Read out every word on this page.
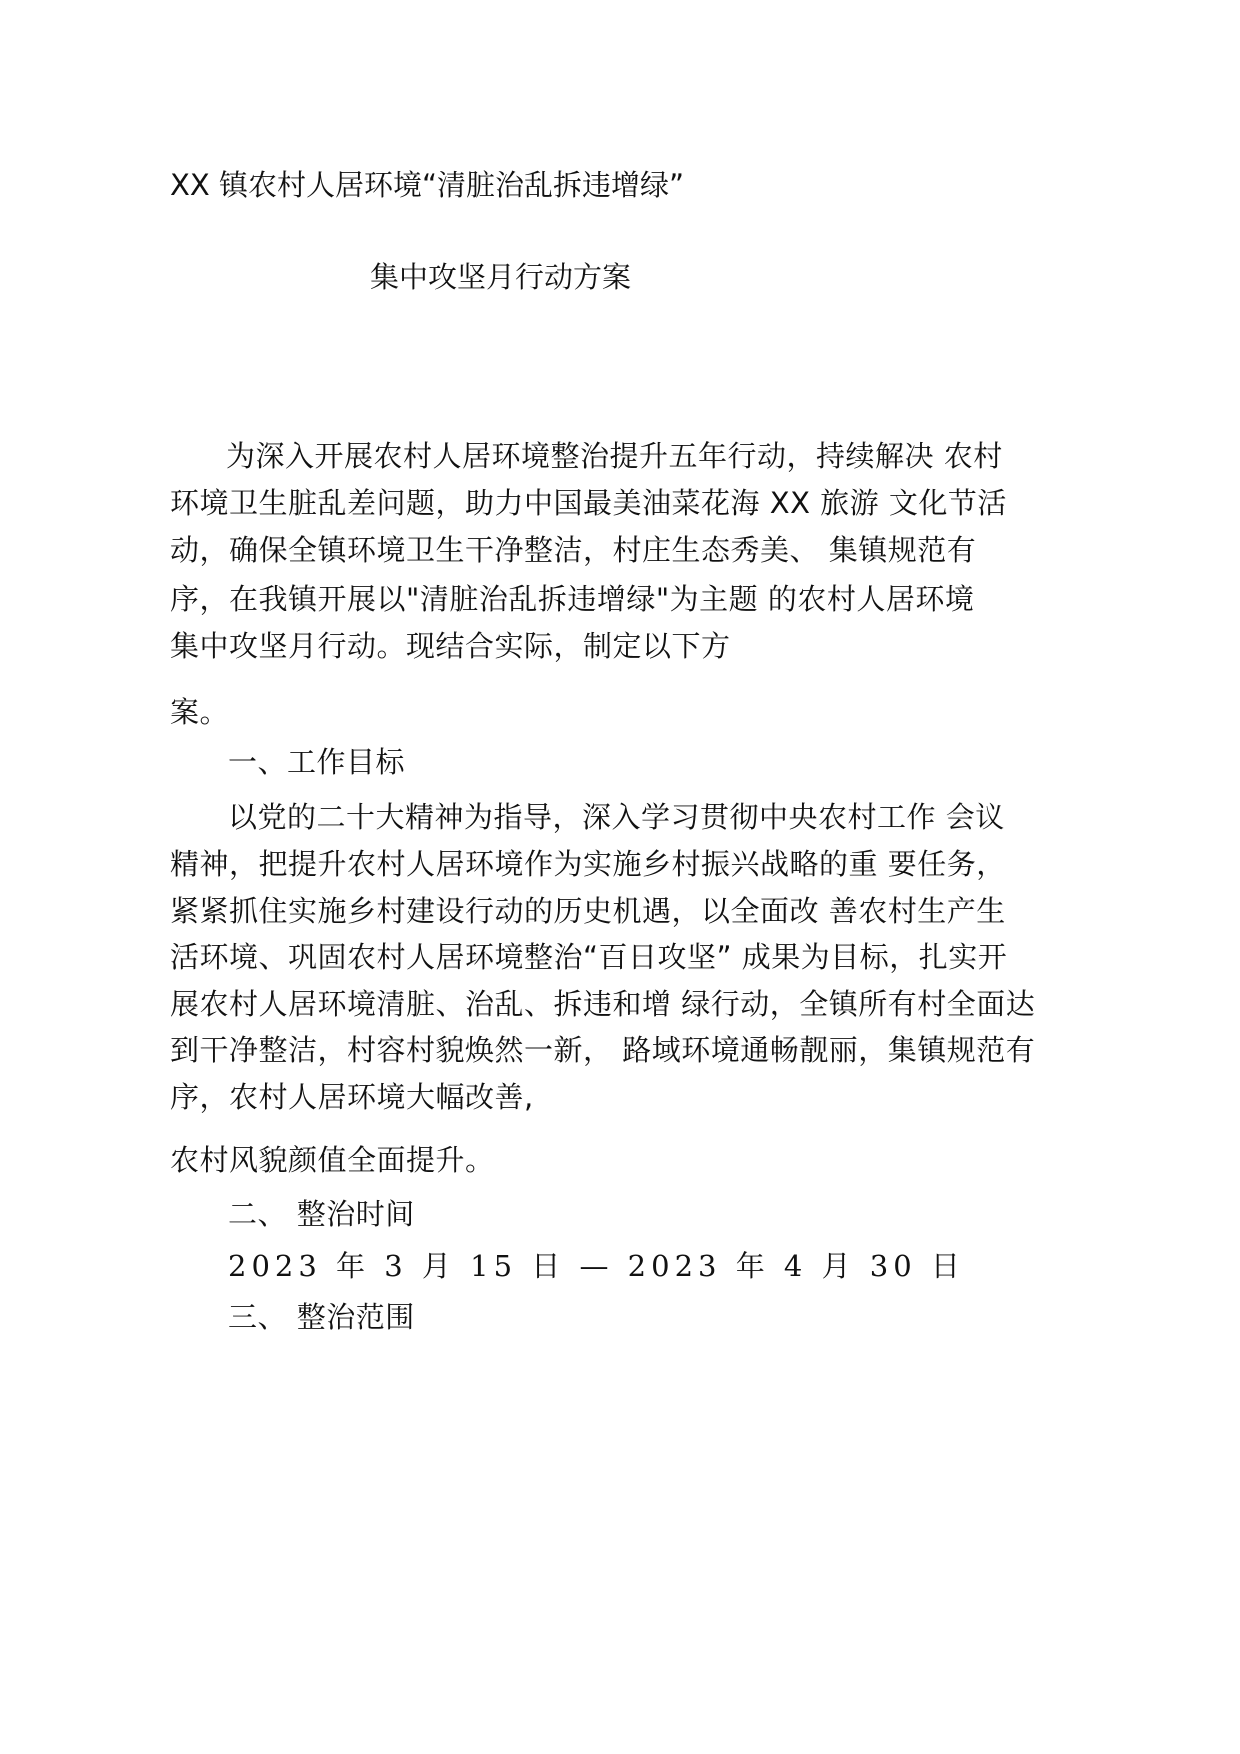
XX 镇农村人居环境“清脏治乱拆违增绿”
集中攻坚月行动方案
为深入开展农村人居环境整治提升五年行动，持续解决 农村
环境卫生脏乱差问题，助力中国最美油菜花海 XX 旅游 文化节活
动，确保全镇环境卫生干净整洁，村庄生态秀美、 集镇规范有
序，在我镇开展以"清脏治乱拆违增绿"为主题 的农村人居环境
集中攻坚月行动。现结合实际，制定以下方
案。
一、工作目标
以党的二十大精神为指导，深入学习贯彻中央农村工作 会议
精神，把提升农村人居环境作为实施乡村振兴战略的重 要任务，
紧紧抓住实施乡村建设行动的历史机遇，以全面改 善农村生产生
活环境、巩固农村人居环境整治“百日攻坚” 成果为目标，扎实开
展农村人居环境清脏、治乱、拆违和增 绿行动，全镇所有村全面达
到干净整洁，村容村貌焕然一新， 路域环境通畅靓丽，集镇规范有
序，农村人居环境大幅改善,
农村风貌颜值全面提升。
二、 整治时间
2023 年 3 月 15 日 — 2023 年 4 月 30 日
三、 整治范围
